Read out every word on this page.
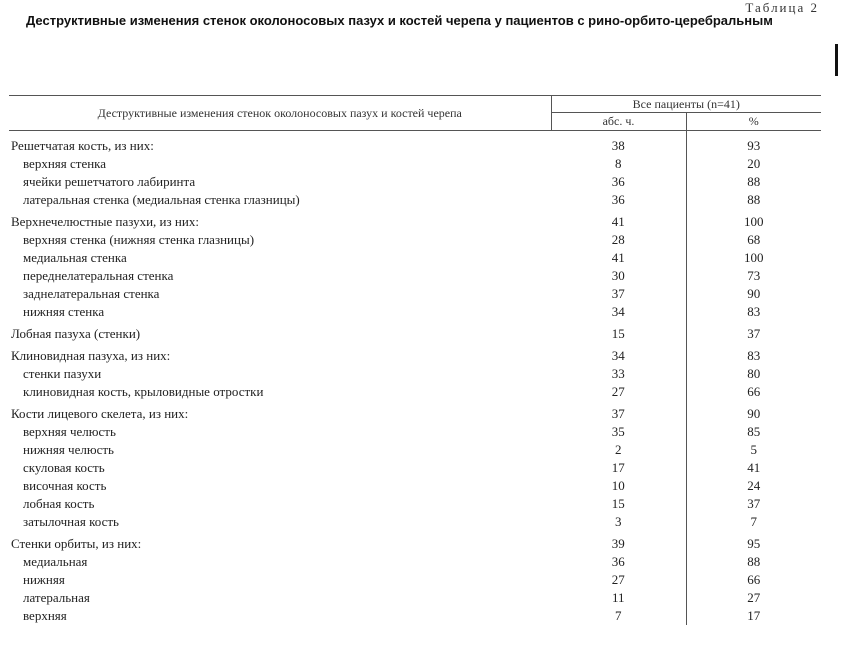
Таблица 2
Деструктивные изменения стенок околоносовых пазух и костей черепа у пациентов с рино-орбито-церебральным
Деструктивные изменения стенок околоносовых пазух и костей черепа	Все пациенты (n=41)	
	абс. ч.	%
Решетчатая кость, из них:	38	93
верхняя стенка	8	20
ячейки решетчатого лабиринта	36	88
латеральная стенка (медиальная стенка глазницы)	36	88
Верхнечелюстные пазухи, из них:	41	100
верхняя стенка (нижняя стенка глазницы)	28	68
медиальная стенка	41	100
переднелатеральная стенка	30	73
заднелатеральная стенка	37	90
нижняя стенка	34	83
Лобная пазуха (стенки)	15	37
Клиновидная пазуха, из них:	34	83
стенки пазухи	33	80
клиновидная кость, крыловидные отростки	27	66
Кости лицевого скелета, из них:	37	90
верхняя челюсть	35	85
нижняя челюсть	2	5
скуловая кость	17	41
височная кость	10	24
лобная кость	15	37
затылочная кость	3	7
Стенки орбиты, из них:	39	95
медиальная	36	88
нижняя	27	66
латеральная	11	27
верхняя	7	17
